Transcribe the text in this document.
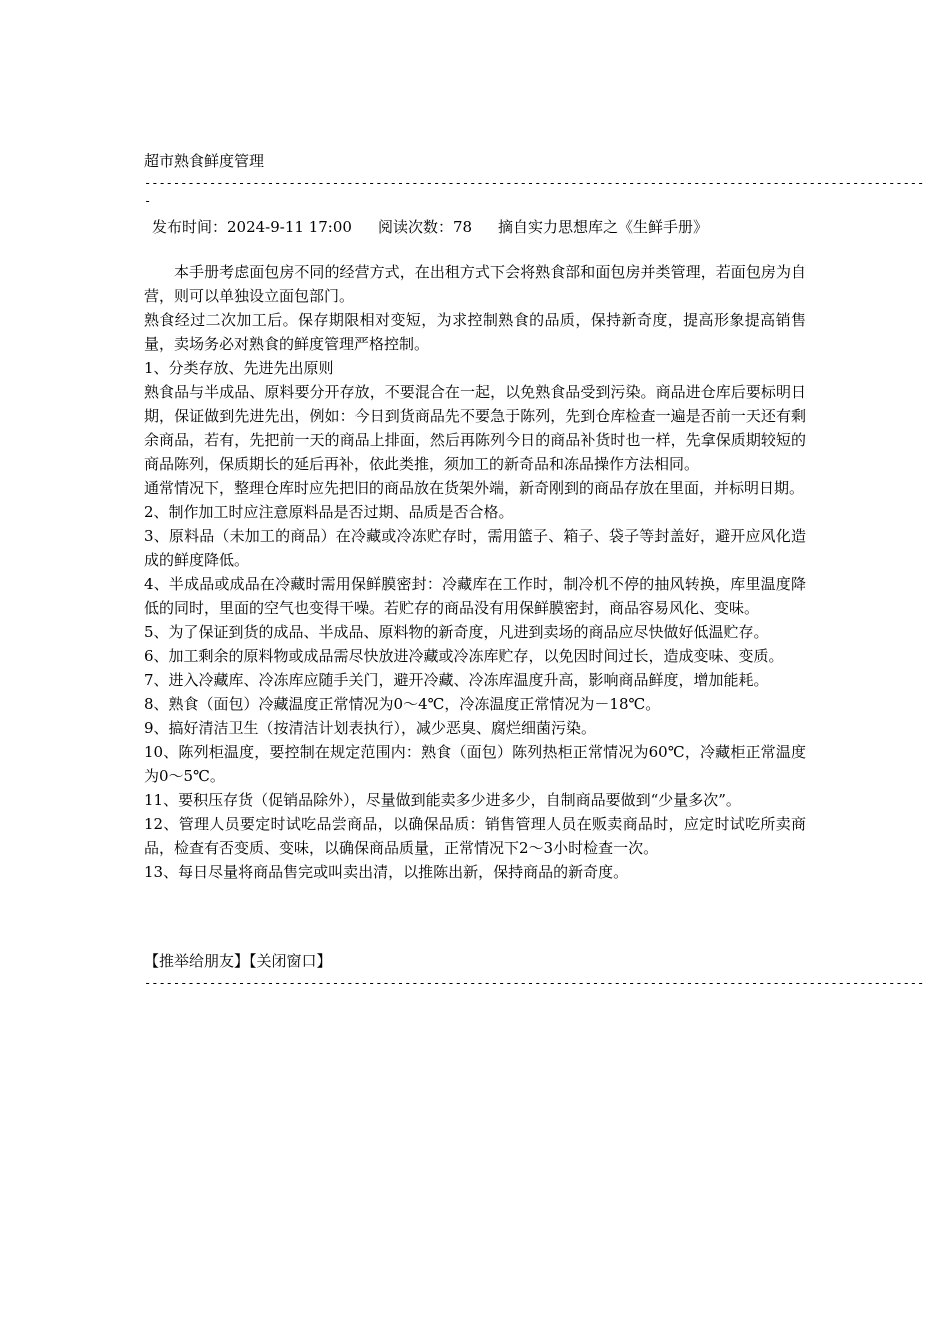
超市熟食鲜度管理
------------------------------------------------------------------------------------------------------------
-
发布时间：2024-9-11 17:00 阅读次数：78 摘自实力思想库之《生鲜手册》

本手册考虑面包房不同的经营方式，在出租方式下会将熟食部和面包房并类管理，若面包房为自营，则可以单独设立面包部门。

熟食经过二次加工后。保存期限相对变短，为求控制熟食的品质，保持新奇度，提高形象提高销售量，卖场务必对熟食的鲜度管理严格控制。

1、分类存放、先进先出原则

熟食品与半成品、原料要分开存放，不要混合在一起，以免熟食品受到污染。商品进仓库后要标明日期，保证做到先进先出，例如：今日到货商品先不要急于陈列，先到仓库检查一遍是否前一天还有剩余商品，若有，先把前一天的商品上排面，然后再陈列今日的商品补货时也一样，先拿保质期较短的商品陈列，保质期长的延后再补，依此类推，须加工的新奇品和冻品操作方法相同。

通常情况下，整理仓库时应先把旧的商品放在货架外端，新奇刚到的商品存放在里面，并标明日期。

2、制作加工时应注意原料品是否过期、品质是否合格。

3、原料品（未加工的商品）在冷藏或冷冻贮存时，需用篮子、箱子、袋子等封盖好，避开应风化造成的鲜度降低。

4、半成品或成品在冷藏时需用保鲜膜密封：冷藏库在工作时，制冷机不停的抽风转换，库里温度降低的同时，里面的空气也变得干噪。若贮存的商品没有用保鲜膜密封，商品容易风化、变味。

5、为了保证到货的成品、半成品、原料物的新奇度，凡进到卖场的商品应尽快做好低温贮存。

6、加工剩余的原料物或成品需尽快放进冷藏或冷冻库贮存，以免因时间过长，造成变味、变质。

7、进入冷藏库、冷冻库应随手关门，避开冷藏、冷冻库温度升高，影响商品鲜度，增加能耗。

8、熟食（面包）冷藏温度正常情况为0～4℃，冷冻温度正常情况为－18℃。

9、搞好清洁卫生（按清洁计划表执行），减少恶臭、腐烂细菌污染。

10、陈列柜温度，要控制在规定范围内：熟食（面包）陈列热柜正常情况为60℃，冷藏柜正常温度为0～5℃。

11、要积压存货（促销品除外），尽量做到能卖多少进多少，自制商品要做到“少量多次”。

12、管理人员要定时试吃品尝商品，以确保品质：销售管理人员在贩卖商品时，应定时试吃所卖商品，检查有否变质、变味，以确保商品质量，正常情况下2～3小时检查一次。

13、每日尽量将商品售完或叫卖出清，以推陈出新，保持商品的新奇度。

【推举给朋友】【关闭窗口】
------------------------------------------------------------------------------------------------------------
